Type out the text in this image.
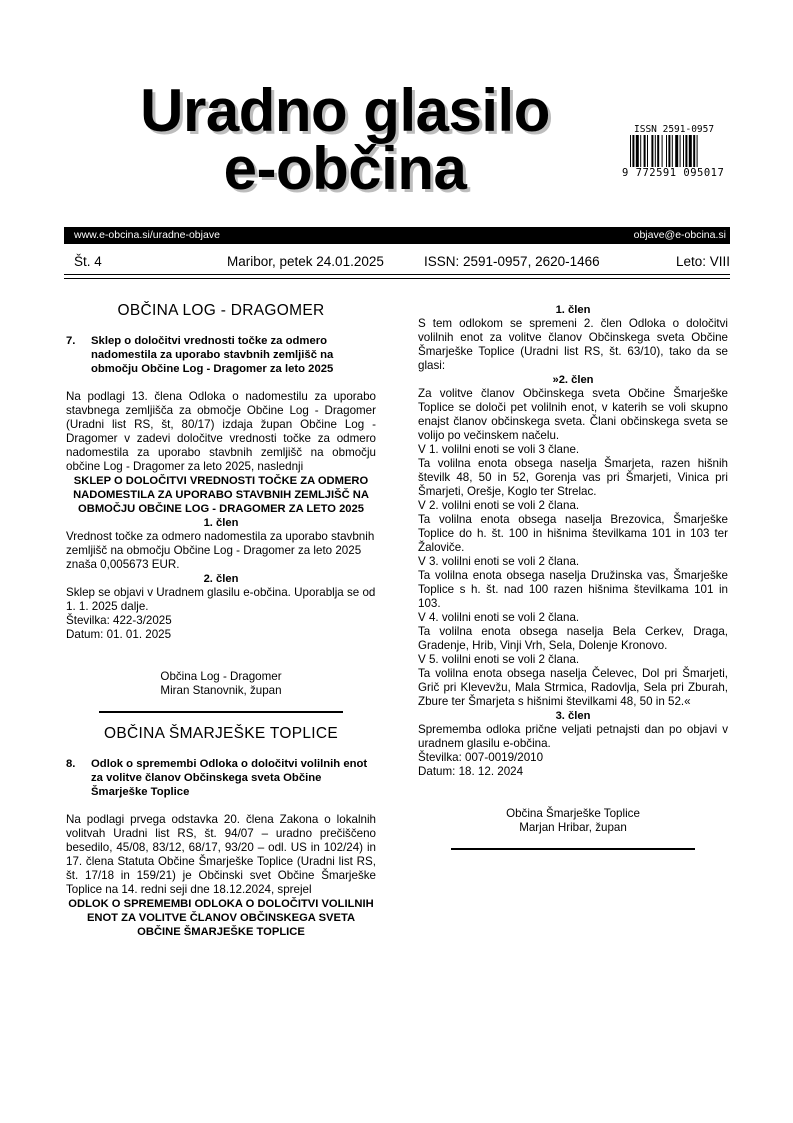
Uradno glasilo
e-občina
ISSN 2591-0957
9 772591 095017
www.e-obcina.si/uradne-objave	objave@e-obcina.si
Št. 4	Maribor, petek 24.01.2025	ISSN: 2591-0957, 2620-1466	Leto: VIII
OBČINA LOG - DRAGOMER
7.	Sklep o določitvi vrednosti točke za odmero nadomestila za uporabo stavbnih zemljišč na območju Občine Log - Dragomer za leto 2025

Na podlagi 13. člena Odloka o nadomestilu za uporabo stavbnega zemljišča za območje Občine Log - Dragomer (Uradni list RS, št, 80/17) izdaja župan Občine Log - Dragomer v zadevi določitve vrednosti točke za odmero nadomestila za uporabo stavbnih zemljišč na območju občine Log - Dragomer za leto 2025, naslednji

SKLEP O DOLOČITVI VREDNOSTI TOČKE ZA ODMERO NADOMESTILA ZA UPORABO STAVBNIH ZEMLJIŠČ NA OBMOČJU OBČINE LOG - DRAGOMER ZA LETO 2025

1. člen

Vrednost točke za odmero nadomestila za uporabo stavbnih zemljišč na območju Občine Log - Dragomer za leto 2025 znaša 0,005673 EUR.

2. člen

Sklep se objavi v Uradnem glasilu e-občina. Uporablja se od 1. 1. 2025 dalje.

Številka: 422-3/2025

Datum: 01. 01. 2025

Občina Log - Dragomer

Miran Stanovnik, župan

OBČINA ŠMARJEŠKE TOPLICE
8.	Odlok o spremembi Odloka o določitvi volilnih enot za volitve članov Občinskega sveta Občine Šmarješke Toplice

Na podlagi prvega odstavka 20. člena Zakona o lokalnih volitvah Uradni list RS, št. 94/07 – uradno prečiščeno besedilo, 45/08, 83/12, 68/17, 93/20 – odl. US in 102/24) in 17. člena Statuta Občine Šmarješke Toplice (Uradni list RS, št. 17/18 in 159/21) je Občinski svet Občine Šmarješke Toplice na 14. redni seji dne 18.12.2024, sprejel

ODLOK O SPREMEMBI ODLOKA O DOLOČITVI VOLILNIH ENOT ZA VOLITVE ČLANOV OBČINSKEGA SVETA OBČINE ŠMARJEŠKE TOPLICE

1. člen

S tem odlokom se spremeni 2. člen Odloka o določitvi volilnih enot za volitve članov Občinskega sveta Občine Šmarješke Toplice (Uradni list RS, št. 63/10), tako da se glasi:

»2. člen

Za volitve članov Občinskega sveta Občine Šmarješke Toplice se določi pet volilnih enot, v katerih se voli skupno enajst članov občinskega sveta. Člani občinskega sveta se volijo po večinskem načelu.

V 1. volilni enoti se voli 3 člane.

Ta volilna enota obsega naselja Šmarjeta, razen hišnih številk 48, 50 in 52, Gorenja vas pri Šmarjeti, Vinica pri Šmarjeti, Orešje, Koglo ter Strelac.

V 2. volilni enoti se voli 2 člana.

Ta volilna enota obsega naselja Brezovica, Šmarješke Toplice do h. št. 100 in hišnima številkama 101 in 103 ter Žaloviče.

V 3. volilni enoti se voli 2 člana.

Ta volilna enota obsega naselja Družinska vas, Šmarješke Toplice s h. št. nad 100 razen hišnima številkama 101 in 103.

V 4. volilni enoti se voli 2 člana.

Ta volilna enota obsega naselja Bela Cerkev, Draga, Gradenje, Hrib, Vinji Vrh, Sela, Dolenje Kronovo.

V 5. volilni enoti se voli 2 člana.

Ta volilna enota obsega naselja Čelevec, Dol pri Šmarjeti, Grič pri Klevevžu, Mala Strmica, Radovlja, Sela pri Zburah, Zbure ter Šmarjeta s hišnimi številkami 48, 50 in 52.«

3. člen

Sprememba odloka prične veljati petnajsti dan po objavi v uradnem glasilu e-občina.

Številka: 007-0019/2010

Datum: 18. 12. 2024

Občina Šmarješke Toplice

Marjan Hribar, župan
